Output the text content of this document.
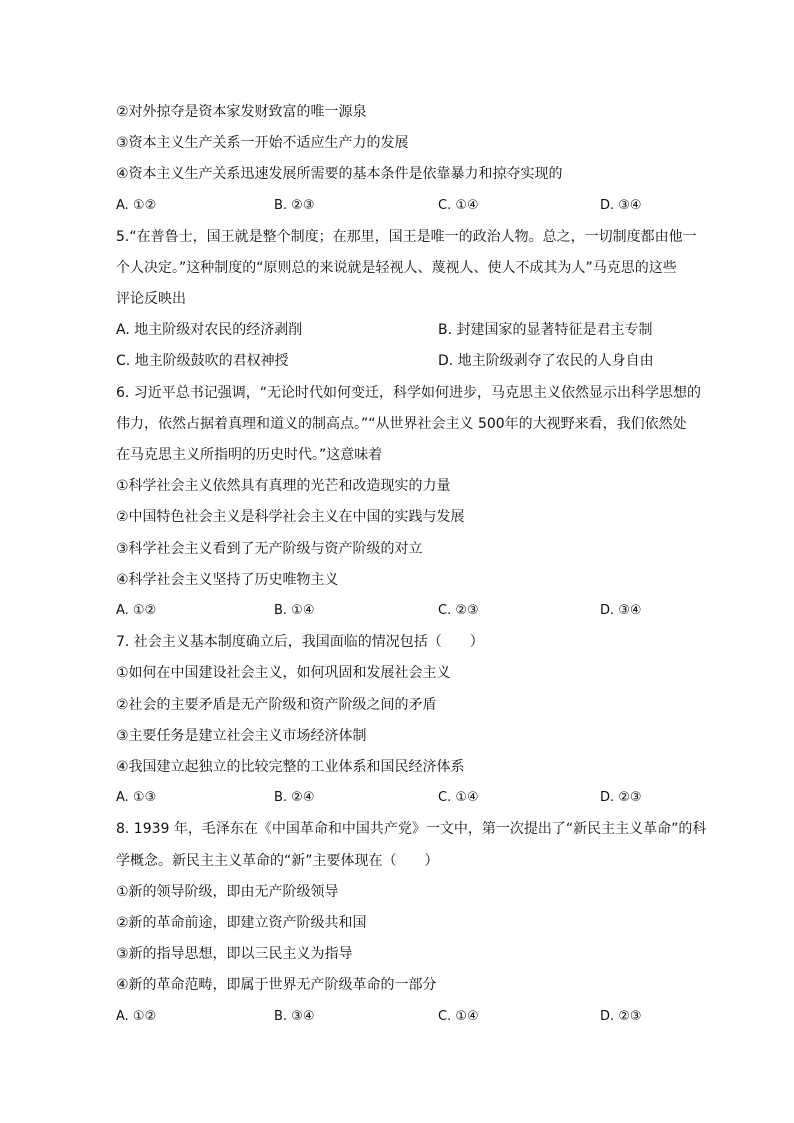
②对外掠夺是资本家发财致富的唯一源泉
③资本主义生产关系一开始不适应生产力的发展
④资本主义生产关系迅速发展所需要的基本条件是依靠暴力和掠夺实现的
A. ①②	B. ②③	C. ①④	D. ③④
5.“在普鲁士，国王就是整个制度；在那里，国王是唯一的政治人物。总之，一切制度都由他一
个人决定。”这种制度的“原则总的来说就是轻视人、蔑视人、使人不成其为人”马克思的这些
评论反映出
A. 地主阶级对农民的经济剥削	B. 封建国家的显著特征是君主专制
C. 地主阶级鼓吹的君权神授	D. 地主阶级剥夺了农民的人身自由
6. 习近平总书记强调，“无论时代如何变迁，科学如何进步，马克思主义依然显示出科学思想的
伟力，依然占据着真理和道义的制高点。”“从世界社会主义 500年的大视野来看，我们依然处
在马克思主义所指明的历史时代。”这意味着
①科学社会主义依然具有真理的光芒和改造现实的力量
②中国特色社会主义是科学社会主义在中国的实践与发展
③科学社会主义看到了无产阶级与资产阶级的对立
④科学社会主义坚持了历史唯物主义
A. ①②	B. ①④	C. ②③	D. ③④
7. 社会主义基本制度确立后，我国面临的情况包括（　　）
①如何在中国建设社会主义，如何巩固和发展社会主义
②社会的主要矛盾是无产阶级和资产阶级之间的矛盾
③主要任务是建立社会主义市场经济体制
④我国建立起独立的比较完整的工业体系和国民经济体系
A. ①③	B. ②④	C. ①④	D. ②③
8. 1939 年，毛泽东在《中国革命和中国共产党》一文中，第一次提出了“新民主主义革命”的科
学概念。新民主主义革命的“新”主要体现在（　　）
①新的领导阶级，即由无产阶级领导
②新的革命前途，即建立资产阶级共和国
③新的指导思想，即以三民主义为指导
④新的革命范畴，即属于世界无产阶级革命的一部分
A. ①②	B. ③④	C. ①④	D. ②③
